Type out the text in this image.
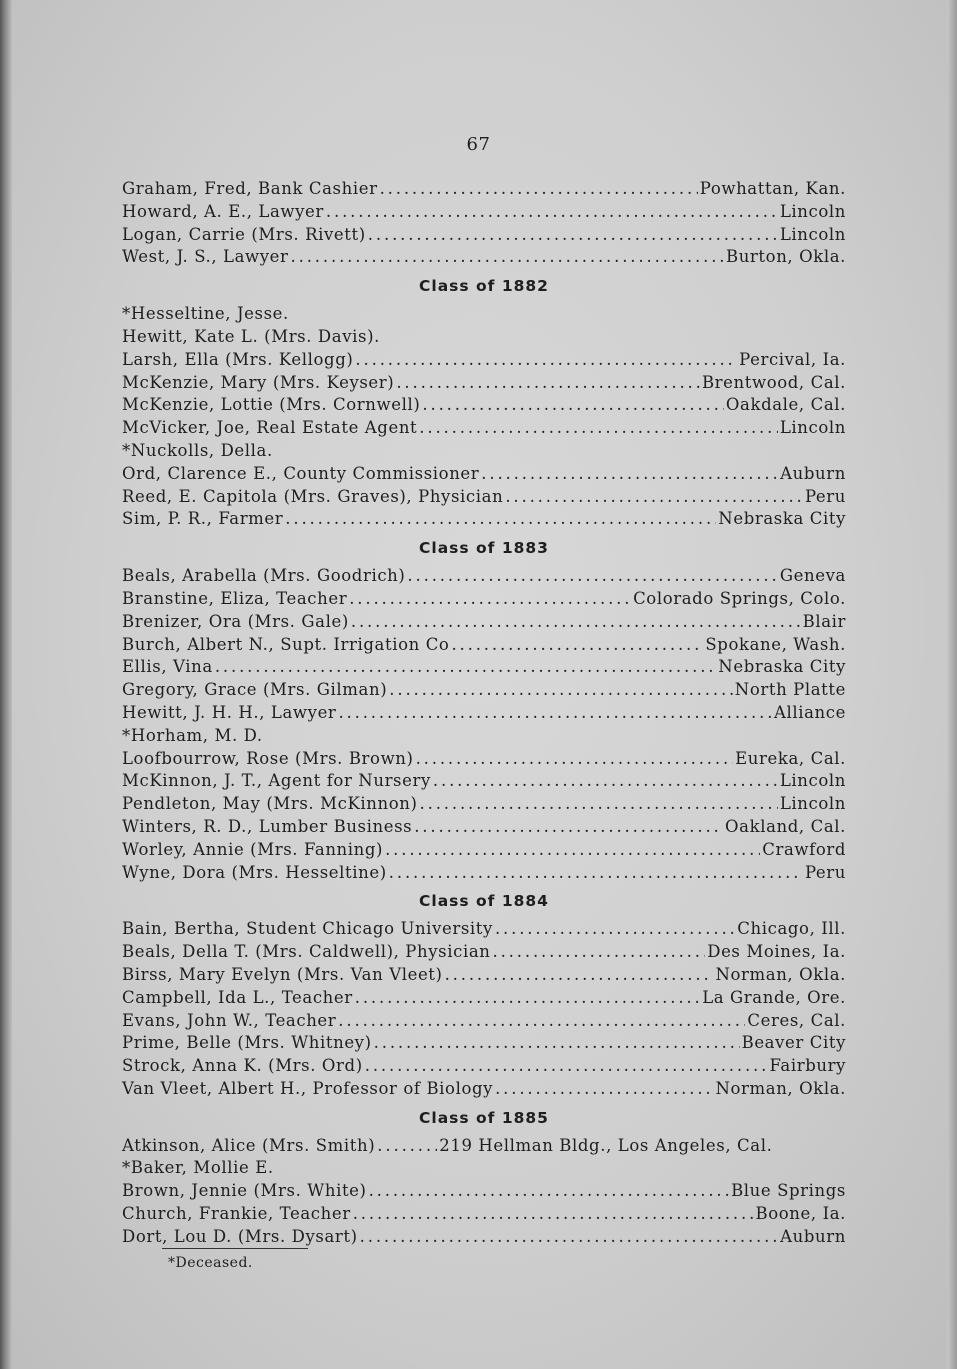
67
Graham, Fred, Bank Cashier . . .	Powhattan, Kan.
Howard, A. E., Lawyer . . .	Lincoln
Logan, Carrie (Mrs. Rivett) . . .	Lincoln
West, J. S., Lawyer . . .	Burton, Okla.
Class of 1882
*Hesseltine, Jesse.
Hewitt, Kate L. (Mrs. Davis).
Larsh, Ella (Mrs. Kellogg) . . .	Percival, Ia.
McKenzie, Mary (Mrs. Keyser) . . .	Brentwood, Cal.
McKenzie, Lottie (Mrs. Cornwell) . . .	Oakdale, Cal.
McVicker, Joe, Real Estate Agent . . .	Lincoln
*Nuckolls, Della.
Ord, Clarence E., County Commissioner . . .	Auburn
Reed, E. Capitola (Mrs. Graves), Physician . . .	Peru
Sim, P. R., Farmer . . .	Nebraska City
Class of 1883
Beals, Arabella (Mrs. Goodrich) . . .	Geneva
Branstine, Eliza, Teacher . . .	Colorado Springs, Colo.
Brenizer, Ora (Mrs. Gale) . . .	Blair
Burch, Albert N., Supt. Irrigation Co . . .	Spokane, Wash.
Ellis, Vina . . .	Nebraska City
Gregory, Grace (Mrs. Gilman) . . .	North Platte
Hewitt, J. H. H., Lawyer . . .	Alliance
*Horham, M. D.
Loofbourrow, Rose (Mrs. Brown) . . .	Eureka, Cal.
McKinnon, J. T., Agent for Nursery . . .	Lincoln
Pendleton, May (Mrs. McKinnon) . . .	Lincoln
Winters, R. D., Lumber Business . . .	Oakland, Cal.
Worley, Annie (Mrs. Fanning) . . .	Crawford
Wyne, Dora (Mrs. Hesseltine) . . .	Peru
Class of 1884
Bain, Bertha, Student Chicago University . . .	Chicago, Ill.
Beals, Della T. (Mrs. Caldwell), Physician . . .	Des Moines, Ia.
Birss, Mary Evelyn (Mrs. Van Vleet) . . .	Norman, Okla.
Campbell, Ida L., Teacher . . .	La Grande, Ore.
Evans, John W., Teacher . . .	Ceres, Cal.
Prime, Belle (Mrs. Whitney) . . .	Beaver City
Strock, Anna K. (Mrs. Ord) . . .	Fairbury
Van Vleet, Albert H., Professor of Biology . . .	Norman, Okla.
Class of 1885
Atkinson, Alice (Mrs. Smith) . . .	219 Hellman Bldg., Los Angeles, Cal.
*Baker, Mollie E.
Brown, Jennie (Mrs. White) . . .	Blue Springs
Church, Frankie, Teacher . . .	Boone, Ia.
Dort, Lou D. (Mrs. Dysart) . . .	Auburn
*Deceased.
